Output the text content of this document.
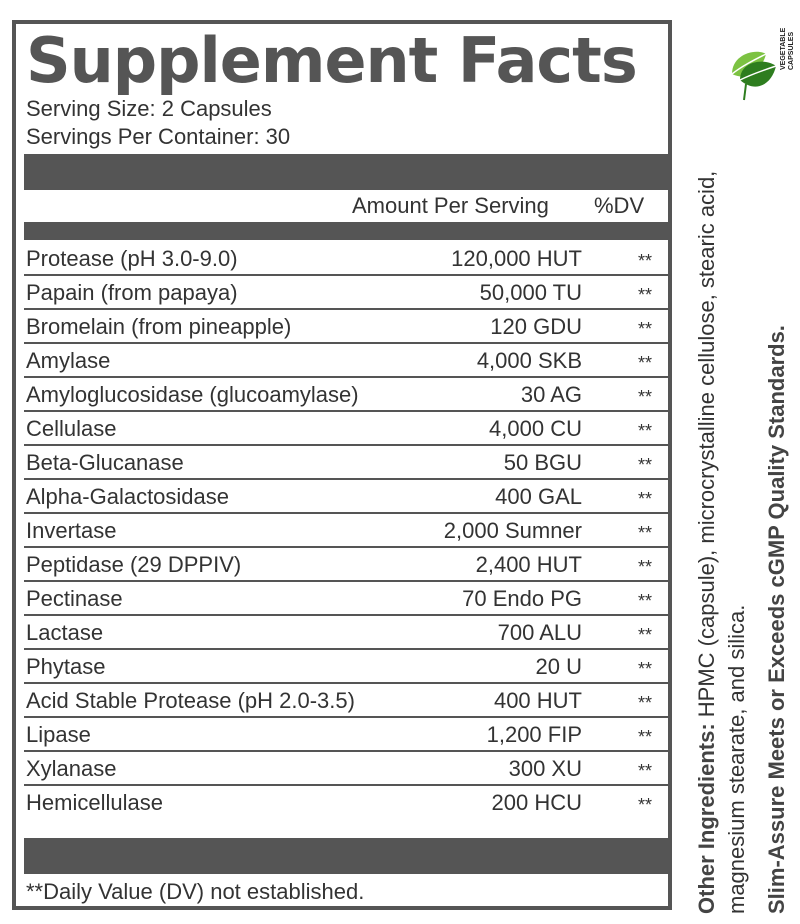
Supplement Facts
Serving Size: 2 Capsules
Servings Per Container: 30
Amount Per Serving %DV
Protease (pH 3.0-9.0)	120,000 HUT	**
Papain (from papaya)	50,000 TU	**
Bromelain (from pineapple)	120 GDU	**
Amylase	4,000 SKB	**
Amyloglucosidase (glucoamylase)	30 AG	**
Cellulase	4,000 CU	**
Beta-Glucanase	50 BGU	**
Alpha-Galactosidase	400 GAL	**
Invertase	2,000 Sumner	**
Peptidase (29 DPPIV)	2,400 HUT	**
Pectinase	70 Endo PG	**
Lactase	700 ALU	**
Phytase	20 U	**
Acid Stable Protease (pH 2.0-3.5)	400 HUT	**
Lipase	1,200 FIP	**
Xylanase	300 XU	**
Hemicellulase	200 HCU	**
**Daily Value (DV) not established.	Other Ingredients: HPMC (capsule), microcrystalline cellulose, stearic acid,
magnesium stearate, and silica. Slim-Assure Meets or Exceeds cGMP Quality Standards.
VEGETABLE CAPSULES
